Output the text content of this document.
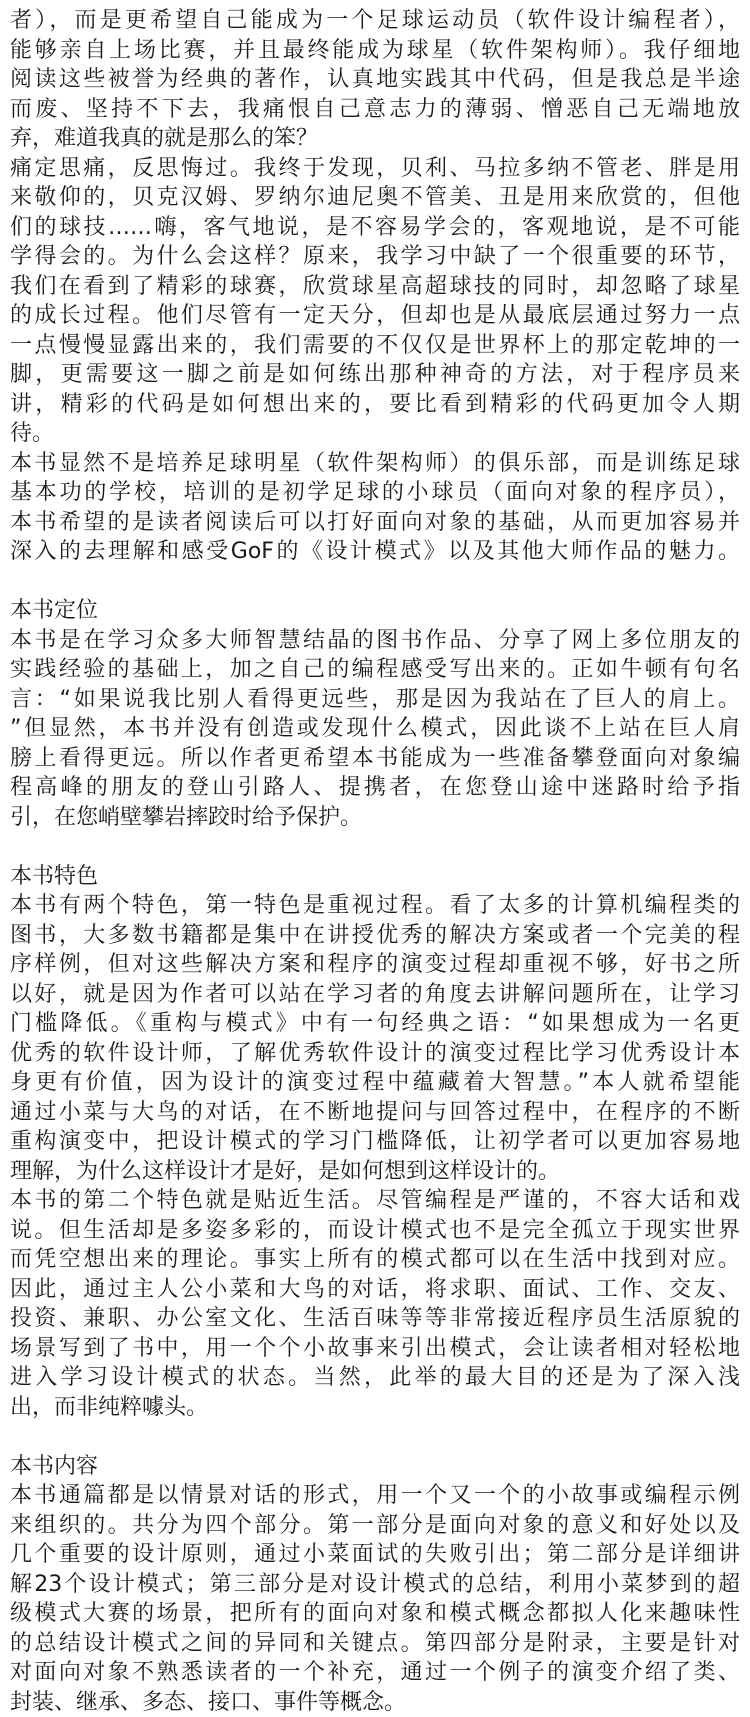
者），而是更希望自己能成为一个足球运动员（软件设计编程者），
能够亲自上场比赛，并且最终能成为球星（软件架构师）。我仔细地
阅读这些被誉为经典的著作，认真地实践其中代码，但是我总是半途
而废、坚持不下去，我痛恨自己意志力的薄弱、憎恶自己无端地放
弃，难道我真的就是那么的笨？
痛定思痛，反思悔过。我终于发现，贝利、马拉多纳不管老、胖是用
来敬仰的，贝克汉姆、罗纳尔迪尼奥不管美、丑是用来欣赏的，但他
们的球技……嗨，客气地说，是不容易学会的，客观地说，是不可能
学得会的。为什么会这样？原来，我学习中缺了一个很重要的环节，
我们在看到了精彩的球赛，欣赏球星高超球技的同时，却忽略了球星
的成长过程。他们尽管有一定天分，但却也是从最底层通过努力一点
一点慢慢显露出来的，我们需要的不仅仅是世界杯上的那定乾坤的一
脚，更需要这一脚之前是如何练出那种神奇的方法，对于程序员来
讲，精彩的代码是如何想出来的，要比看到精彩的代码更加令人期
待。
本书显然不是培养足球明星（软件架构师）的俱乐部，而是训练足球
基本功的学校，培训的是初学足球的小球员（面向对象的程序员），
本书希望的是读者阅读后可以打好面向对象的基础，从而更加容易并
深入的去理解和感受GoF的《设计模式》以及其他大师作品的魅力。
本书定位
本书是在学习众多大师智慧结晶的图书作品、分享了网上多位朋友的
实践经验的基础上，加之自己的编程感受写出来的。正如牛顿有句名
言：“如果说我比别人看得更远些，那是因为我站在了巨人的肩上。
”但显然，本书并没有创造或发现什么模式，因此谈不上站在巨人肩
膀上看得更远。所以作者更希望本书能成为一些准备攀登面向对象编
程高峰的朋友的登山引路人、提携者，在您登山途中迷路时给予指
引，在您峭壁攀岩摔跤时给予保护。
本书特色
本书有两个特色，第一特色是重视过程。看了太多的计算机编程类的
图书，大多数书籍都是集中在讲授优秀的解决方案或者一个完美的程
序样例，但对这些解决方案和程序的演变过程却重视不够，好书之所
以好，就是因为作者可以站在学习者的角度去讲解问题所在，让学习
门槛降低。《重构与模式》中有一句经典之语：“如果想成为一名更
优秀的软件设计师，了解优秀软件设计的演变过程比学习优秀设计本
身更有价值，因为设计的演变过程中蕴藏着大智慧。”本人就希望能
通过小菜与大鸟的对话，在不断地提问与回答过程中，在程序的不断
重构演变中，把设计模式的学习门槛降低，让初学者可以更加容易地
理解，为什么这样设计才是好，是如何想到这样设计的。
本书的第二个特色就是贴近生活。尽管编程是严谨的，不容大话和戏
说。但生活却是多姿多彩的，而设计模式也不是完全孤立于现实世界
而凭空想出来的理论。事实上所有的模式都可以在生活中找到对应。
因此，通过主人公小菜和大鸟的对话，将求职、面试、工作、交友、
投资、兼职、办公室文化、生活百味等等非常接近程序员生活原貌的
场景写到了书中，用一个个小故事来引出模式，会让读者相对轻松地
进入学习设计模式的状态。当然，此举的最大目的还是为了深入浅
出，而非纯粹噱头。
本书内容
本书通篇都是以情景对话的形式，用一个又一个的小故事或编程示例
来组织的。共分为四个部分。第一部分是面向对象的意义和好处以及
几个重要的设计原则，通过小菜面试的失败引出；第二部分是详细讲
解23个设计模式；第三部分是对设计模式的总结，利用小菜梦到的超
级模式大赛的场景，把所有的面向对象和模式概念都拟人化来趣味性
的总结设计模式之间的异同和关键点。第四部分是附录，主要是针对
对面向对象不熟悉读者的一个补充，通过一个例子的演变介绍了类、
封装、继承、多态、接口、事件等概念。
